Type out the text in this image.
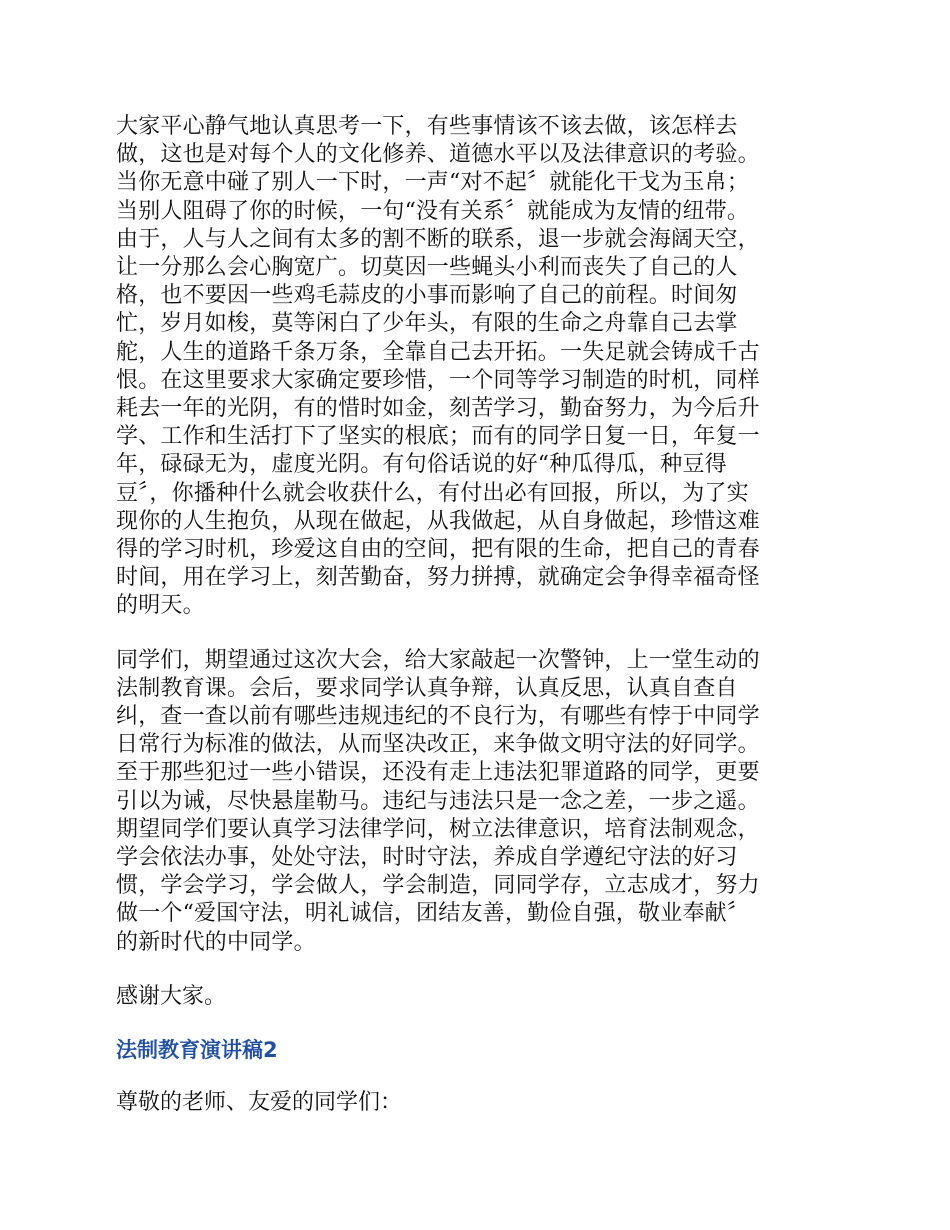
大家平心静气地认真思考一下，有些事情该不该去做，该怎样去
做，这也是对每个人的文化修养、道德水平以及法律意识的考验。
当你无意中碰了别人一下时，一声“对不起〞就能化干戈为玉帛；
当别人阻碍了你的时候，一句“没有关系〞就能成为友情的纽带。
由于，人与人之间有太多的割不断的联系，退一步就会海阔天空，
让一分那么会心胸宽广。切莫因一些蝇头小利而丧失了自己的人
格，也不要因一些鸡毛蒜皮的小事而影响了自己的前程。时间匆
忙，岁月如梭，莫等闲白了少年头，有限的生命之舟靠自己去掌
舵，人生的道路千条万条，全靠自己去开拓。一失足就会铸成千古
恨。在这里要求大家确定要珍惜，一个同等学习制造的时机，同样
耗去一年的光阴，有的惜时如金，刻苦学习，勤奋努力，为今后升
学、工作和生活打下了坚实的根底；而有的同学日复一日，年复一
年，碌碌无为，虚度光阴。有句俗话说的好“种瓜得瓜，种豆得
豆〞，你播种什么就会收获什么，有付出必有回报，所以，为了实
现你的人生抱负，从现在做起，从我做起，从自身做起，珍惜这难
得的学习时机，珍爱这自由的空间，把有限的生命，把自己的青春
时间，用在学习上，刻苦勤奋，努力拼搏，就确定会争得幸福奇怪
的明天。

同学们，期望通过这次大会，给大家敲起一次警钟，上一堂生动的
法制教育课。会后，要求同学认真争辩，认真反思，认真自查自
纠，查一查以前有哪些违规违纪的不良行为，有哪些有悖于中同学
日常行为标准的做法，从而坚决改正，来争做文明守法的好同学。
至于那些犯过一些小错误，还没有走上违法犯罪道路的同学，更要
引以为诫，尽快悬崖勒马。违纪与违法只是一念之差，一步之遥。
期望同学们要认真学习法律学问，树立法律意识，培育法制观念，
学会依法办事，处处守法，时时守法，养成自学遵纪守法的好习
惯，学会学习，学会做人，学会制造，同同学存，立志成才，努力
做一个“爱国守法，明礼诚信，团结友善，勤俭自强，敬业奉献〞
的新时代的中同学。

感谢大家。

法制教育演讲稿2

尊敬的老师、友爱的同学们：
